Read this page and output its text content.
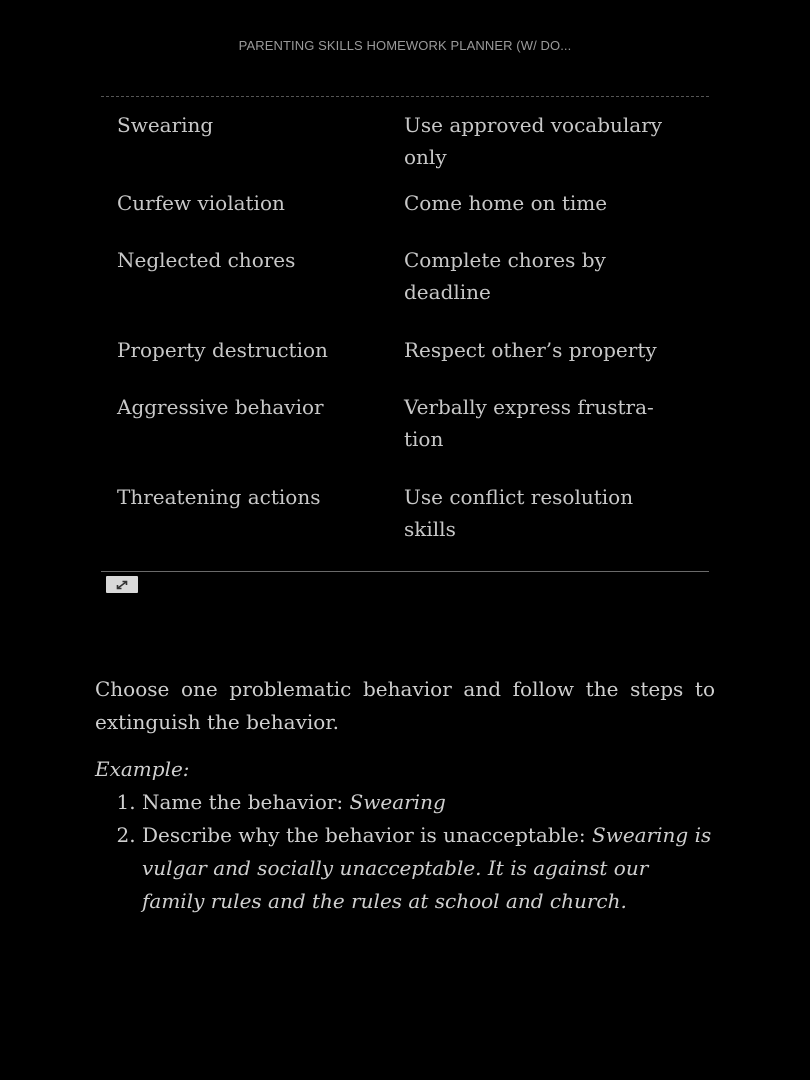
PARENTING SKILLS HOMEWORK PLANNER (W/ DO...
Swearing	Use approved vocabulary
only
Curfew violation	Come home on time
Neglected chores	Complete chores by
deadline
Property destruction	Respect other’s property
Aggressive behavior	Verbally express frustra-
tion
Threatening actions	Use conflict resolution
skills

Choose one problematic behavior and follow the steps to extinguish the behavior.

Example:
1. Name the behavior: Swearing
2. Describe why the behavior is unacceptable: Swearing is vulgar and socially unacceptable. It is against our family rules and the rules at school and church.
